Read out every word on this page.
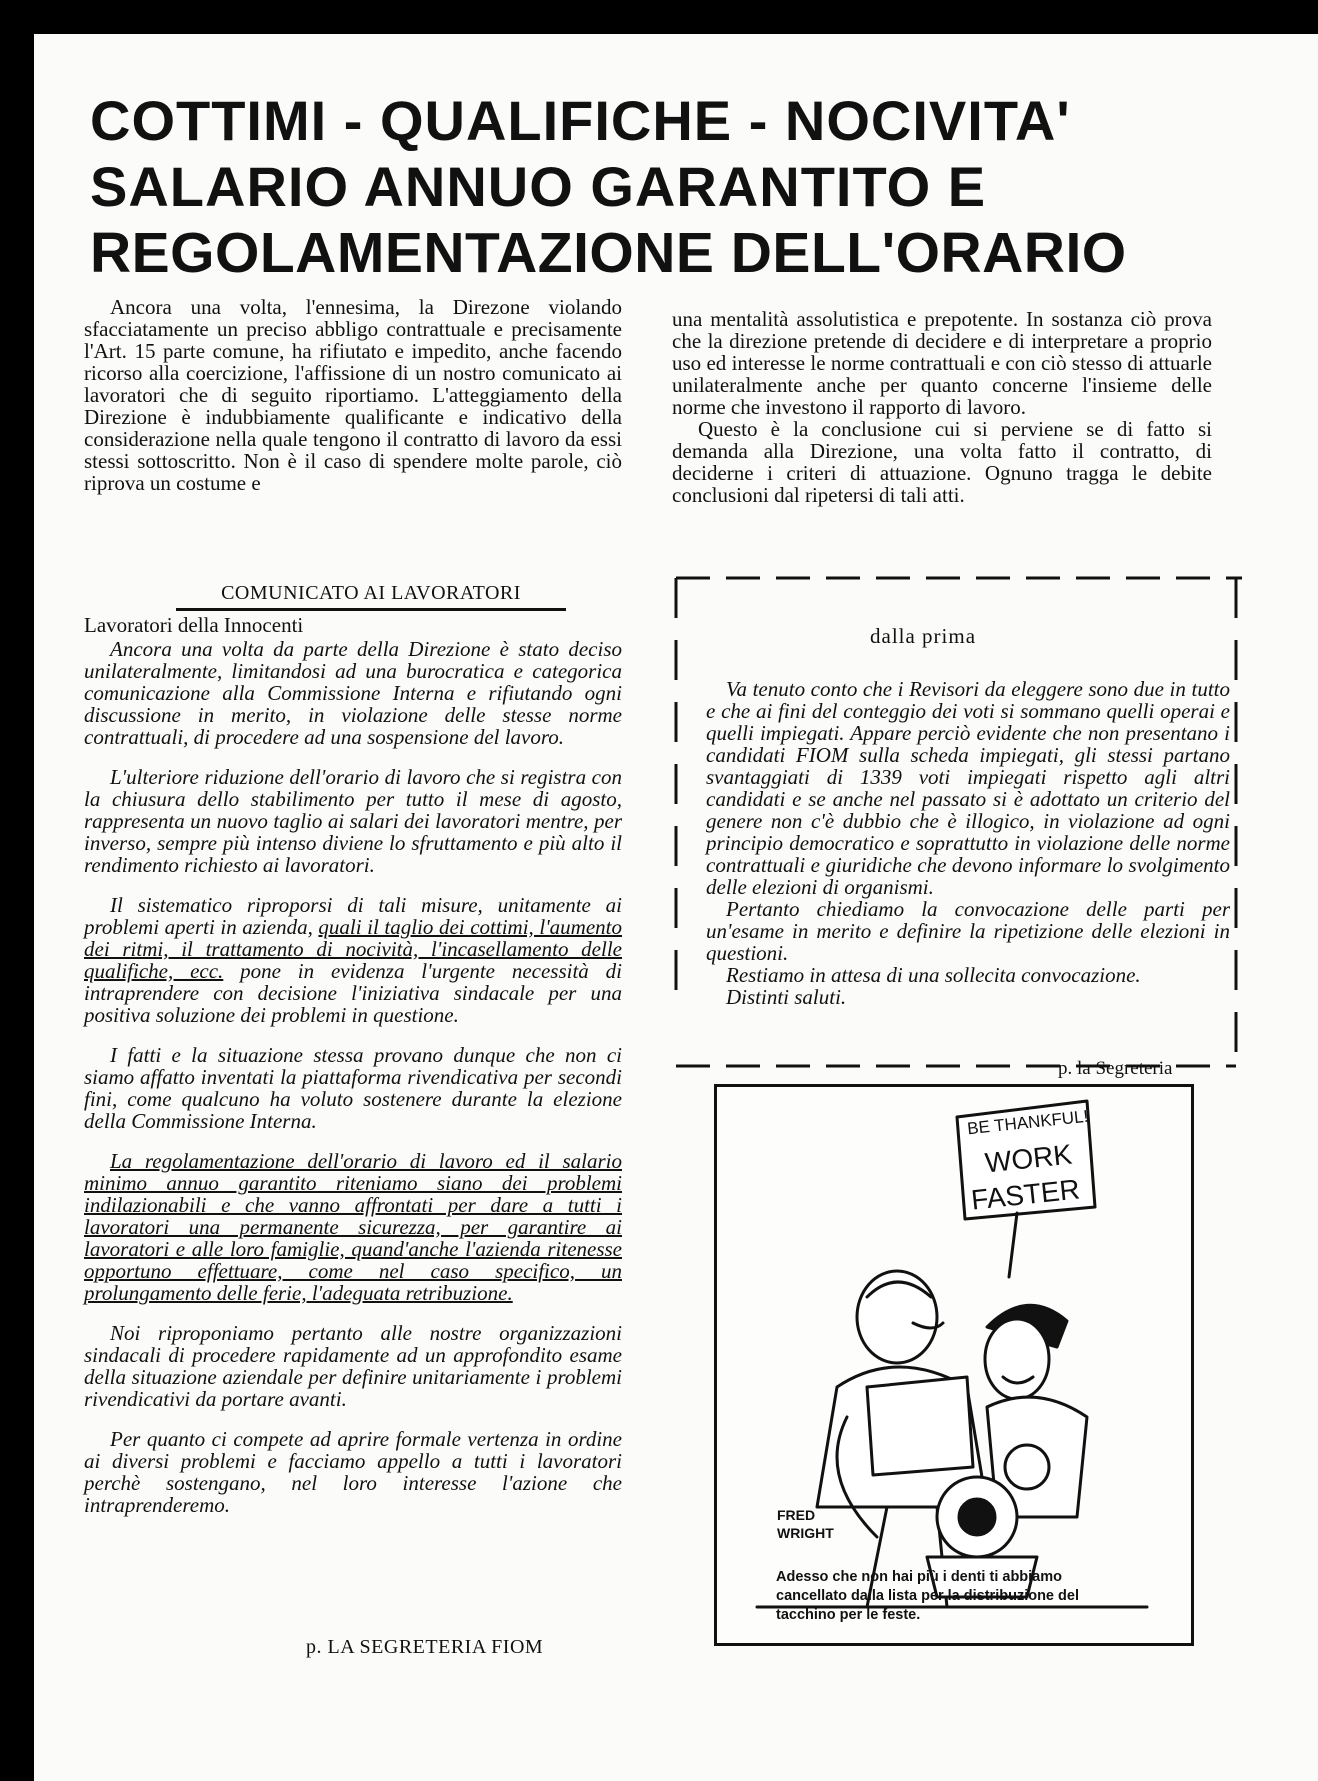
COTTIMI - QUALIFICHE - NOCIVITA'
SALARIO ANNUO GARANTITO E
REGOLAMENTAZIONE DELL'ORARIO

Ancora una volta, l'ennesima, la Direzone violando sfacciatamente un preciso abbligo contrattuale e precisamente l'Art. 15 parte comune, ha rifiutato e impedito, anche facendo ricorso alla coercizione, l'affissione di un nostro comunicato ai lavoratori che di seguito riportiamo. L'atteggiamento della Direzione è indubbiamente qualificante e indicativo della considerazione nella quale tengono il contratto di lavoro da essi stessi sottoscritto. Non è il caso di spendere molte parole, ciò riprova un costume e

una mentalità assolutistica e prepotente. In sostanza ciò prova che la direzione pretende di decidere e di interpretare a proprio uso ed interesse le norme contrattuali e con ciò stesso di attuarle unilateralmente anche per quanto concerne l'insieme delle norme che investono il rapporto di lavoro.

Questo è la conclusione cui si perviene se di fatto si demanda alla Direzione, una volta fatto il contratto, di deciderne i criteri di attuazione. Ognuno tragga le debite conclusioni dal ripetersi di tali atti.

COMUNICATO AI LAVORATORI

Lavoratori della Innocenti

Ancora una volta da parte della Direzione è stato deciso unilateralmente, limitandosi ad una burocratica e categorica comunicazione alla Commissione Interna e rifiutando ogni discussione in merito, in violazione delle stesse norme contrattuali, di procedere ad una sospensione del lavoro.

L'ulteriore riduzione dell'orario di lavoro che si registra con la chiusura dello stabilimento per tutto il mese di agosto, rappresenta un nuovo taglio ai salari dei lavoratori mentre, per inverso, sempre più intenso diviene lo sfruttamento e più alto il rendimento richiesto ai lavoratori.

Il sistematico riproporsi di tali misure, unitamente ai problemi aperti in azienda, quali il taglio dei cottimi, l'aumento dei ritmi, il trattamento di nocività, l'incasellamento delle qualifiche, ecc. pone in evidenza l'urgente necessità di intraprendere con decisione l'iniziativa sindacale per una positiva soluzione dei problemi in questione.

I fatti e la situazione stessa provano dunque che non ci siamo affatto inventati la piattaforma rivendicativa per secondi fini, come qualcuno ha voluto sostenere durante la elezione della Commissione Interna.

La regolamentazione dell'orario di lavoro ed il salario minimo annuo garantito riteniamo siano dei problemi indilazionabili e che vanno affrontati per dare a tutti i lavoratori una permanente sicurezza, per garantire ai lavoratori e alle loro famiglie, quand'anche l'azienda ritenesse opportuno effettuare, come nel caso specifico, un prolungamento delle ferie, l'adeguata retribuzione.

Noi riproponiamo pertanto alle nostre organizzazioni sindacali di procedere rapidamente ad un approfondito esame della situazione aziendale per definire unitariamente i problemi rivendicativi da portare avanti.

Per quanto ci compete ad aprire formale vertenza in ordine ai diversi problemi e facciamo appello a tutti i lavoratori perchè sostengano, nel loro interesse l'azione che intraprenderemo.

p. LA SEGRETERIA FIOM
dalla prima

Va tenuto conto che i Revisori da eleggere sono due in tutto e che ai fini del conteggio dei voti si sommano quelli operai e quelli impiegati. Appare perciò evidente che non presentano i candidati FIOM sulla scheda impiegati, gli stessi partano svantaggiati di 1339 voti impiegati rispetto agli altri candidati e se anche nel passato si è adottato un criterio del genere non c'è dubbio che è illogico, in violazione ad ogni principio democratico e soprattutto in violazione delle norme contrattuali e giuridiche che devono informare lo svolgimento delle elezioni di organismi.

Pertanto chiediamo la convocazione delle parti per un'esame in merito e definire la ripetizione delle elezioni in questioni.

Restiamo in attesa di una sollecita convocazione.

Distinti saluti.

p. la Segreteria
BE THANKFUL!
WORK
FASTER
FRED
WRIGHT
Adesso che non hai più i denti ti abbiamo cancellato dalla lista per la distribuzione del tacchino per le feste.
